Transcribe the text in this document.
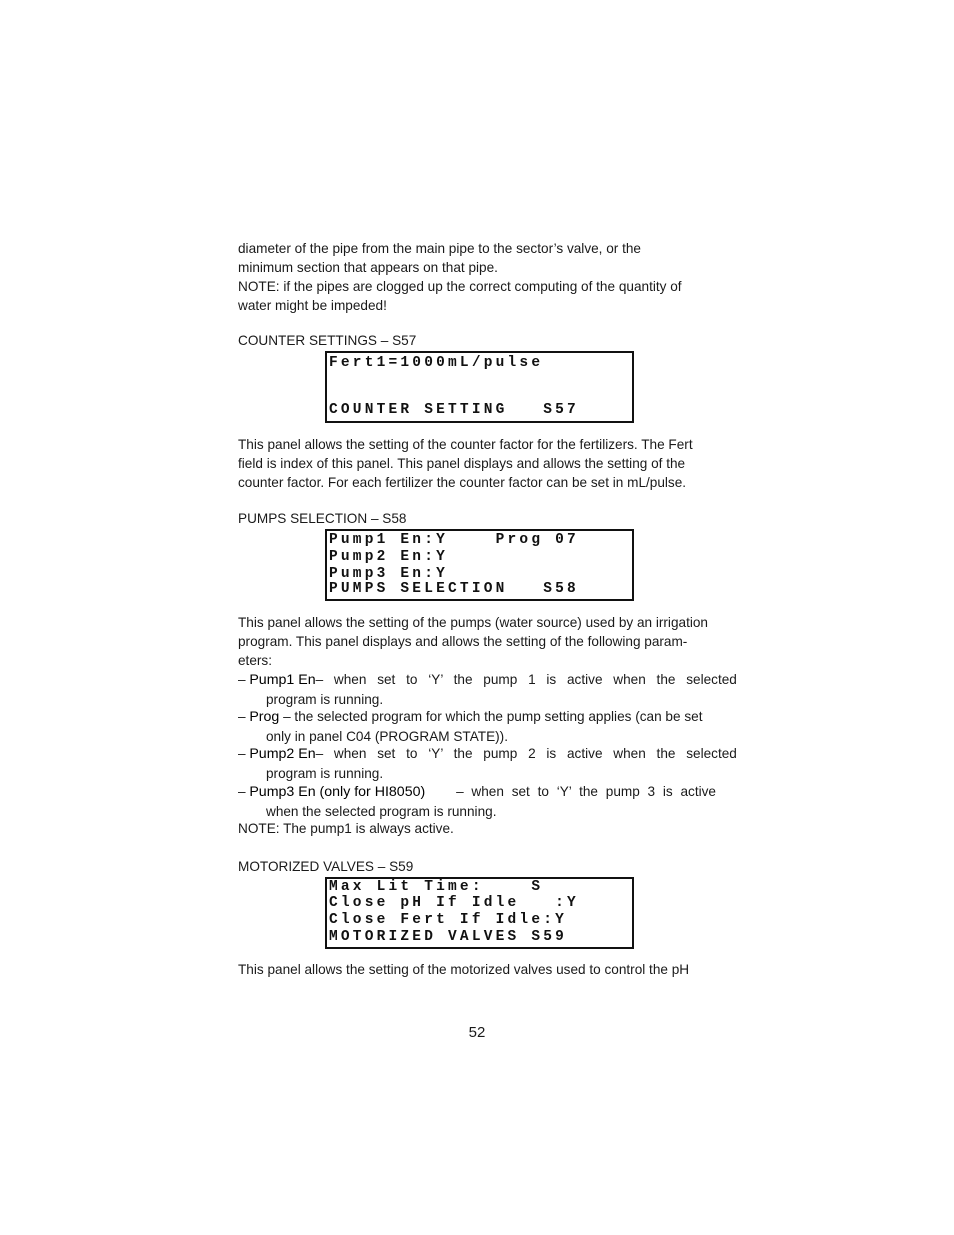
diameter of the pipe from the main pipe to the sector’s valve, or the
minimum section that appears on that pipe.
NOTE: if the pipes are clogged up the correct computing of the quantity of
water might be impeded!
COUNTER SETTINGS – S57
Fert1=1000mL/pulse
COUNTER SETTING   S57
This panel allows the setting of the counter factor for the fertilizers. The Fert
field is index of this panel. This panel displays and allows the setting of the
counter factor. For each fertilizer the counter factor can be set in mL/pulse.
PUMPS SELECTION – S58
Pump1 En:Y    Prog 07
Pump2 En:Y
Pump3 En:Y
PUMPS SELECTION   S58
This panel allows the setting of the pumps (water source) used by an irrigation
program. This panel displays and allows the setting of the following param-
eters:
– Pump1 En – when set to ‘Y’ the pump 1 is active when the selected
program is running.
– Prog – the selected program for which the pump setting applies (can be set
only in panel C04 (PROGRAM STATE)).
– Pump2 En – when set to ‘Y’ the pump 2 is active when the selected
program is running.
– Pump3 En (only for HI8050) – when set to ‘Y’ the pump 3 is active
when the selected program is running.
NOTE: The pump1 is always active.
MOTORIZED VALVES – S59
Max Lit Time:    S
Close pH If Idle   :Y
Close Fert If Idle:Y
MOTORIZED VALVES S59
This panel allows the setting of the motorized valves used to control the pH
52
